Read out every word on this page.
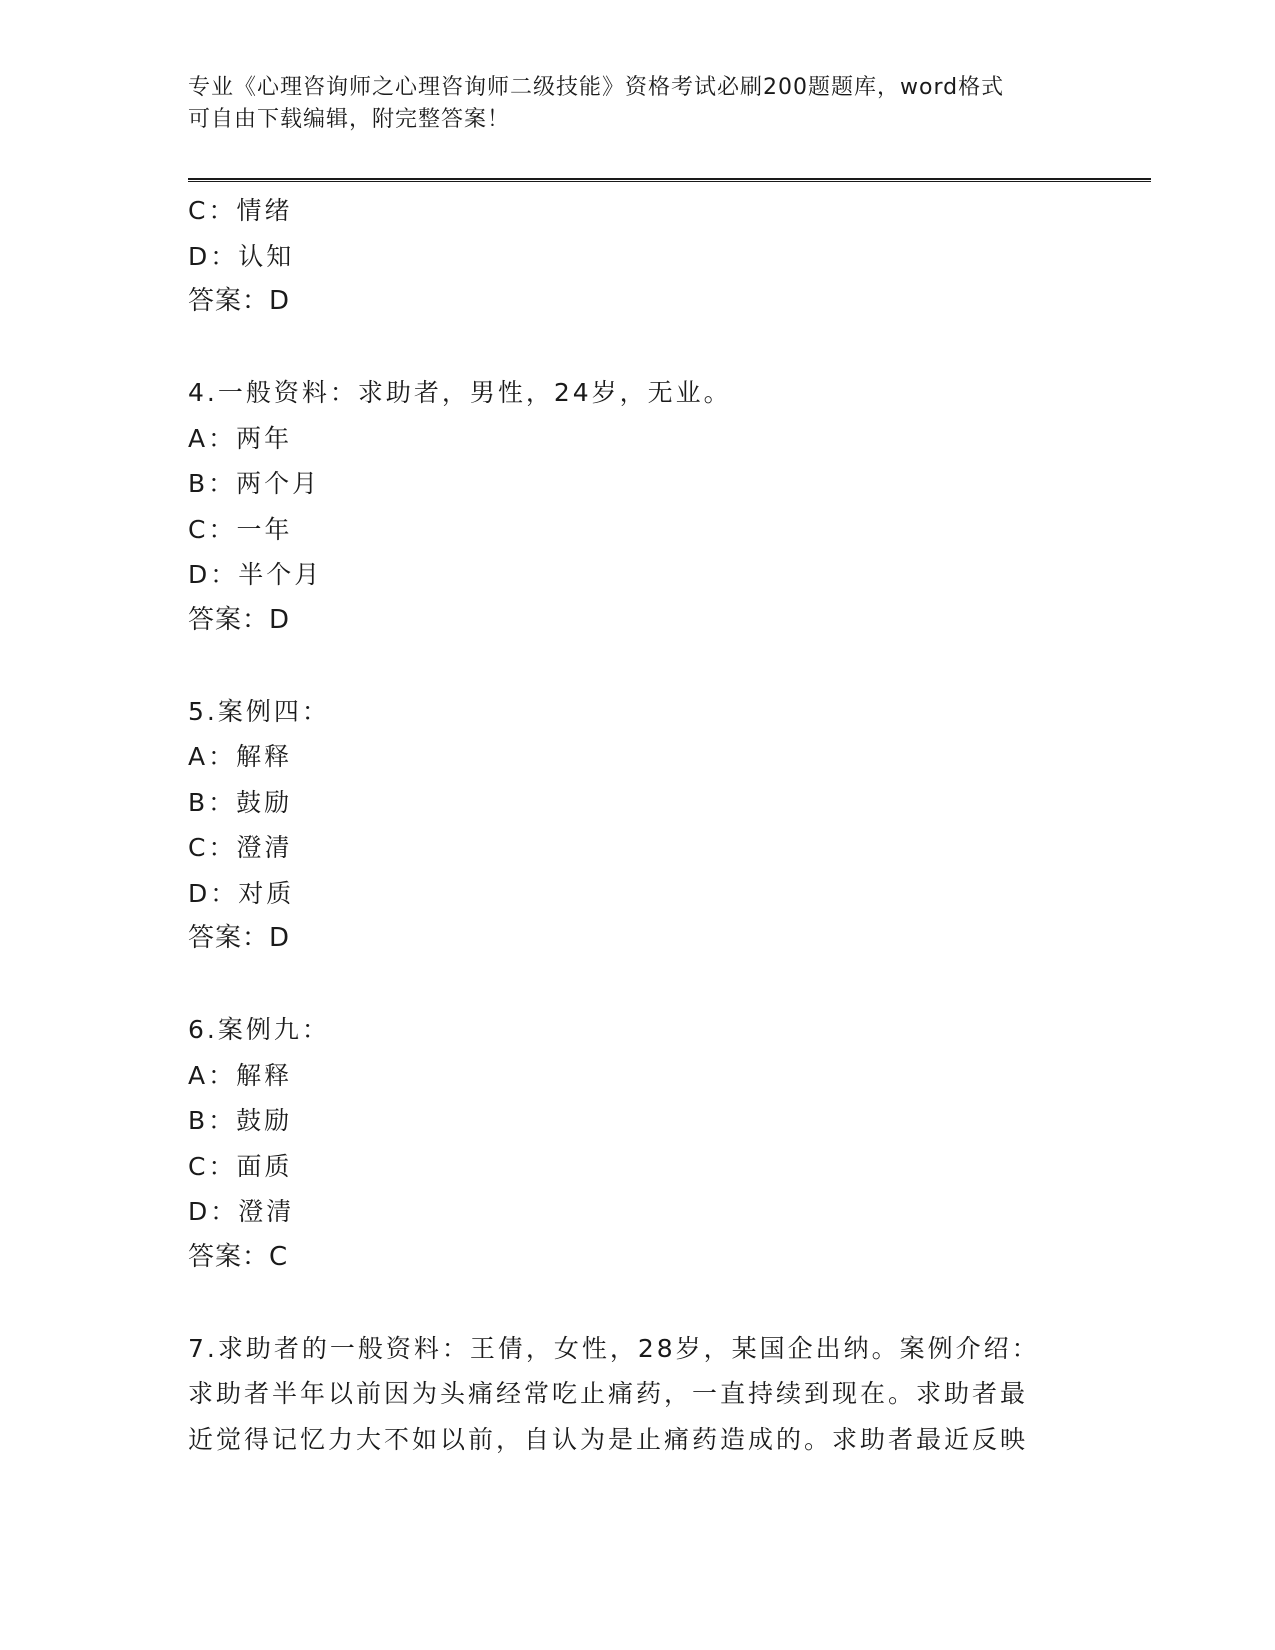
专业《心理咨询师之心理咨询师二级技能》资格考试必刷200题题库，word格式
可自由下载编辑，附完整答案！
C：情绪
D：认知
答案：D
4.一般资料：求助者，男性，24岁，无业。
A：两年
B：两个月
C：一年
D：半个月
答案：D
5.案例四：
A：解释
B：鼓励
C：澄清
D：对质
答案：D
6.案例九：
A：解释
B：鼓励
C：面质
D：澄清
答案：C
7.求助者的一般资料：王倩，女性，28岁，某国企出纳。案例介绍：
求助者半年以前因为头痛经常吃止痛药，一直持续到现在。求助者最
近觉得记忆力大不如以前，自认为是止痛药造成的。求助者最近反映
